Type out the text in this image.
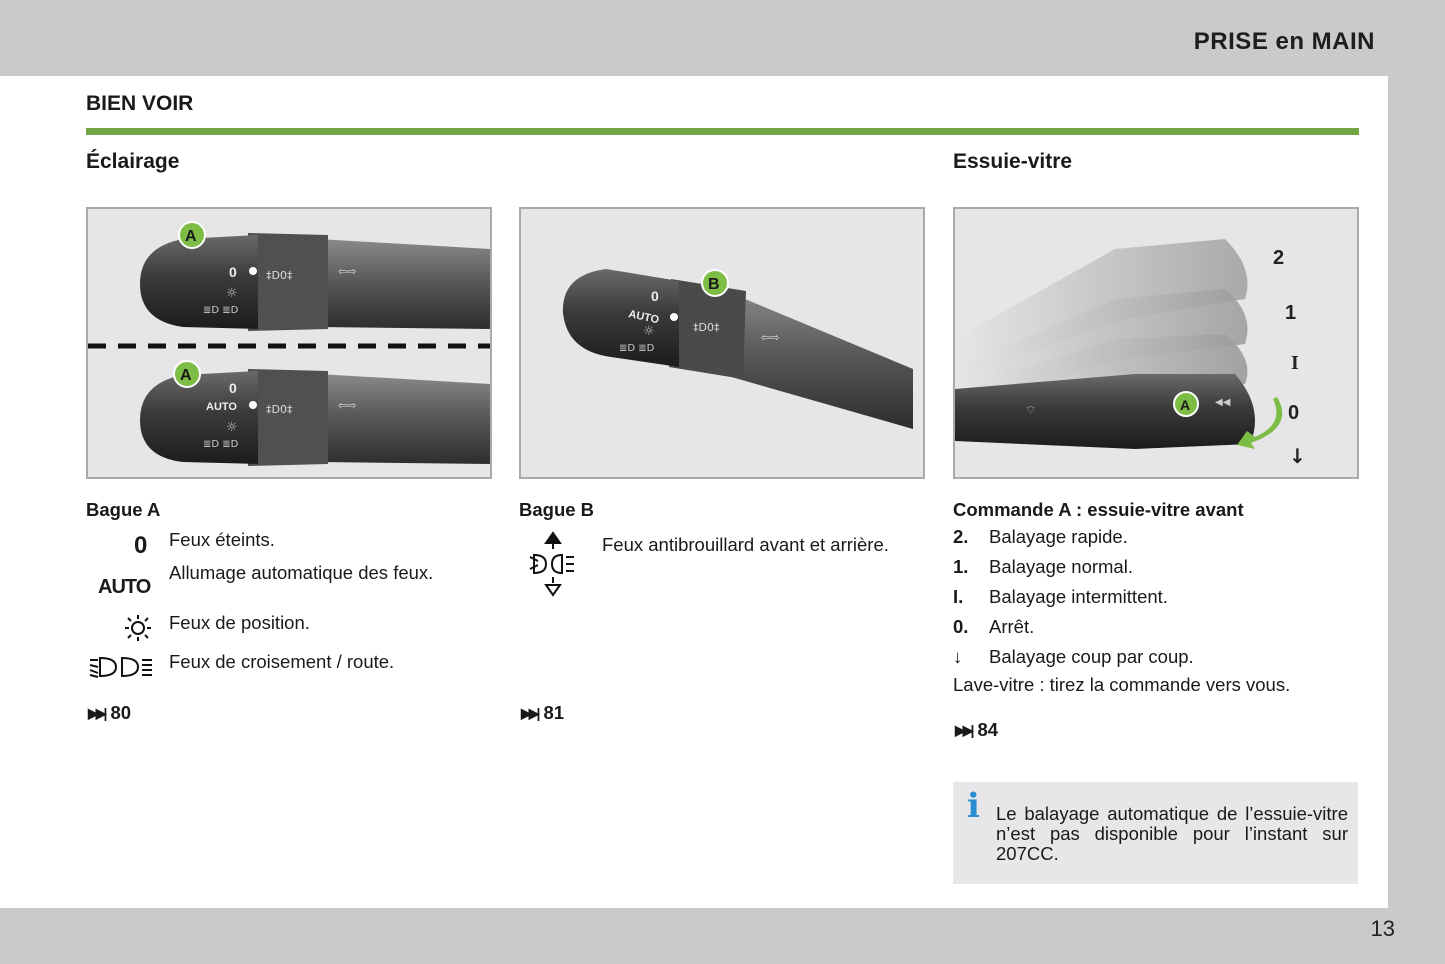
PRISE en MAIN
BIEN VOIR
Éclairage	Essuie-vitre
0	‡D0‡	⇦⇨
☼
≣D ≣D
A
0
AUTO	‡D0‡	⇦⇨
☼
≣D ≣D
A
0
AUTO
‡D0‡
⇦⇨
☼
≣D ≣D
B
⌔
◀◀
2
1
I
0
↓
A
Bague A
0 Feux éteints.
AUTO
Allumage automatique des feux.
Feux de position.
Feux de croisement / route.
▶▶| 80
Bague B
Feux antibrouillard avant et arrière.
▶▶| 81
Commande A : essuie-vitre avant
2.	Balayage rapide.
1.	Balayage normal.
I.	Balayage intermittent.
0.	Arrêt.
↓	Balayage coup par coup.
Lave-vitre : tirez la commande vers vous.
▶▶| 84
i Le balayage automatique de l’essuie-vitre n’est pas disponible pour l’instant sur 207CC.
13
